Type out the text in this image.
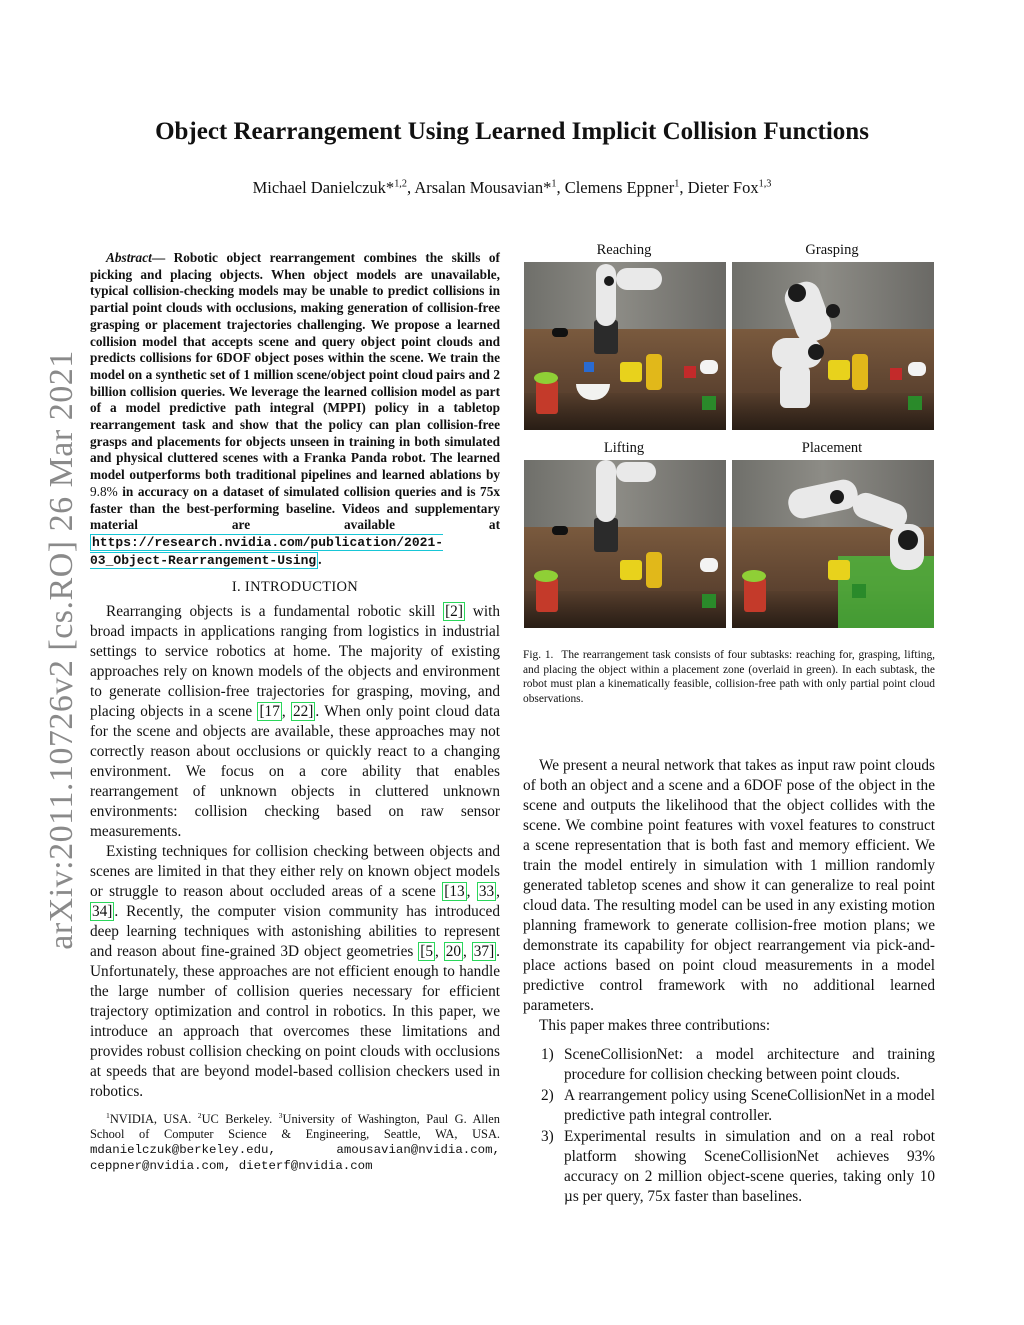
arXiv:2011.10726v2 [cs.RO] 26 Mar 2021
Object Rearrangement Using Learned Implicit Collision Functions
Michael Danielczuk*$^{1,2}$, Arsalan Mousavian*$^1$, Clemens Eppner$^1$, Dieter Fox$^{1,3}$

Abstract— Robotic object rearrangement combines the skills of picking and placing objects. When object models are unavailable, typical collision-checking models may be unable to predict collisions in partial point clouds with occlusions, making generation of collision-free grasping or placement trajectories challenging. We propose a learned collision model that accepts scene and query object point clouds and predicts collisions for 6DOF object poses within the scene. We train the model on a synthetic set of 1 million scene/object point cloud pairs and 2 billion collision queries. We leverage the learned collision model as part of a model predictive path integral (MPPI) policy in a tabletop rearrangement task and show that the policy can plan collision-free grasps and placements for objects unseen in training in both simulated and physical cluttered scenes with a Franka Panda robot. The learned model outperforms both traditional pipelines and learned ablations by 9.8% in accuracy on a dataset of simulated collision queries and is 75x faster than the best-performing baseline. Videos and supplementary material are available at https://research.nvidia.com/publication/2021-03_Object-Rearrangement-Using .

I. INTRODUCTION

Rearranging objects is a fundamental robotic skill [2] with broad impacts in applications ranging from logistics in industrial settings to service robotics at home. The majority of existing approaches rely on known models of the objects and environment to generate collision-free trajectories for grasping, moving, and placing objects in a scene [17 , 22] . When only point cloud data for the scene and objects are available, these approaches may not correctly reason about occlusions or quickly react to a changing environment. We focus on a core ability that enables rearrangement of unknown objects in cluttered unknown environments: collision checking based on raw sensor measurements.

Existing techniques for collision checking between objects and scenes are limited in that they either rely on known object models or struggle to reason about occluded areas of a scene [13 , 33 , 34] . Recently, the computer vision community has introduced deep learning techniques with astonishing abilities to represent and reason about fine-grained 3D object geometries [5 , 20 , 37] . Unfortunately, these approaches are not efficient enough to handle the large number of collision queries necessary for efficient trajectory optimization and control in robotics. In this paper, we introduce an approach that overcomes these limitations and provides robust collision checking on point clouds with occlusions at speeds that are beyond model-based collision checkers used in robotics.

$^1$NVIDIA, USA. $^2$UC Berkeley. $^3$University of Washington, Paul G. Allen School of Computer Science & Engineering, Seattle, WA, USA. mdanielczuk@berkeley.edu, amousavian@nvidia.com, ceppner@nvidia.com, dieterf@nvidia.com

Reaching	Grasping
Lifting	Placement

Fig. 1. The rearrangement task consists of four subtasks: reaching for, grasping, lifting, and placing the object within a placement zone (overlaid in green). In each subtask, the robot must plan a kinematically feasible, collision-free path with only partial point cloud observations.

We present a neural network that takes as input raw point clouds of both an object and a scene and a 6DOF pose of the object in the scene and outputs the likelihood that the object collides with the scene. We combine point features with voxel features to construct a scene representation that is both fast and memory efficient. We train the model entirely in simulation with 1 million randomly generated tabletop scenes and show it can generalize to real point cloud data. The resulting model can be used in any existing motion planning framework to generate collision-free motion plans; we demonstrate its capability for object rearrangement via pick-and-place actions based on point cloud measurements in a model predictive control framework with no additional learned parameters.

This paper makes three contributions:

1) SceneCollisionNet: a model architecture and training procedure for collision checking between point clouds.
2) A rearrangement policy using SceneCollisionNet in a model predictive path integral controller.
3) Experimental results in simulation and on a real robot platform showing SceneCollisionNet achieves 93% accuracy on 2 million object-scene queries, taking only 10 µs per query, 75x faster than baselines.
